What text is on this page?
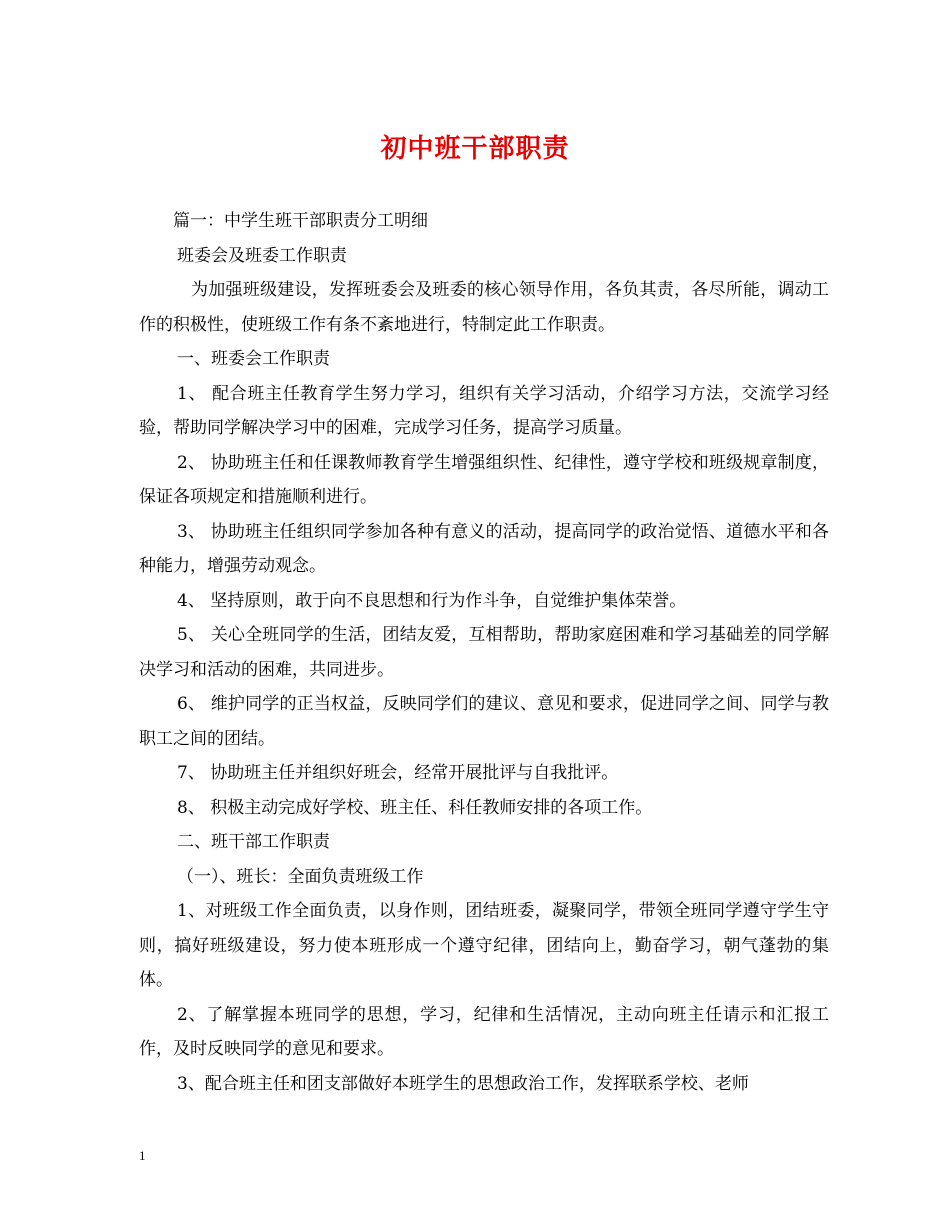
初中班干部职责

篇一：中学生班干部职责分工明细

班委会及班委工作职责

为加强班级建设，发挥班委会及班委的核心领导作用，各负其责，各尽所能，调动工作的积极性，使班级工作有条不紊地进行，特制定此工作职责。

一、班委会工作职责

1、 配合班主任教育学生努力学习，组织有关学习活动，介绍学习方法，交流学习经验，帮助同学解决学习中的困难，完成学习任务，提高学习质量。

2、 协助班主任和任课教师教育学生增强组织性、纪律性，遵守学校和班级规章制度，保证各项规定和措施顺利进行。

3、 协助班主任组织同学参加各种有意义的活动，提高同学的政治觉悟、道德水平和各种能力，增强劳动观念。

4、 坚持原则，敢于向不良思想和行为作斗争，自觉维护集体荣誉。

5、 关心全班同学的生活，团结友爱，互相帮助，帮助家庭困难和学习基础差的同学解决学习和活动的困难，共同进步。

6、 维护同学的正当权益，反映同学们的建议、意见和要求，促进同学之间、同学与教职工之间的团结。

7、 协助班主任并组织好班会，经常开展批评与自我批评。

8、 积极主动完成好学校、班主任、科任教师安排的各项工作。

二、班干部工作职责

（一）、班长：全面负责班级工作

1、对班级工作全面负责，以身作则，团结班委，凝聚同学，带领全班同学遵守学生守则，搞好班级建设，努力使本班形成一个遵守纪律，团结向上，勤奋学习，朝气蓬勃的集体。

2、了解掌握本班同学的思想，学习，纪律和生活情况，主动向班主任请示和汇报工作，及时反映同学的意见和要求。

3、配合班主任和团支部做好本班学生的思想政治工作，发挥联系学校、老师

1
